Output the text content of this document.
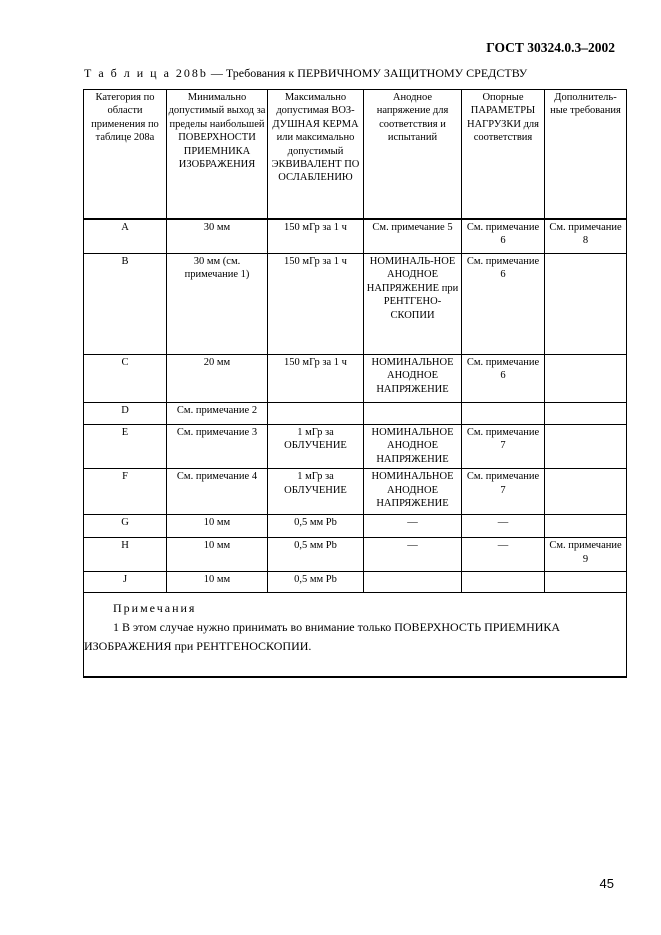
ГОСТ 30324.0.3–2002
Т а б л и ц а 208b — Требования к ПЕРВИЧНОМУ ЗАЩИТНОМУ СРЕДСТВУ
Категория по области применения по таблице 208а	Минимально допустимый выход за пределы наибольшей ПОВЕРХНОСТИ ПРИЕМНИКА ИЗОБРАЖЕНИЯ	Максимально допустимая ВОЗ-ДУШНАЯ КЕРМА или максимально допустимый ЭКВИВАЛЕНТ ПО ОСЛАБЛЕНИЮ	Анодное напряжение для соответствия и испытаний	Опорные ПАРАМЕТРЫ НАГРУЗКИ для соответствия	Дополнитель-ные требования
A	30 мм	150 мГр за 1 ч	См. примечание 5	См. примечание 6	См. примечание 8
B	30 мм (см. примечание 1)	150 мГр за 1 ч	НОМИНАЛЬ-НОЕ АНОДНОЕ НАПРЯЖЕНИЕ при РЕНТГЕНО-СКОПИИ	См. примечание 6	
C	20 мм	150 мГр за 1 ч	НОМИНАЛЬНОЕ АНОДНОЕ НАПРЯЖЕНИЕ	См. примечание 6	
D	См. примечание 2				
E	См. примечание 3	1 мГр за ОБЛУЧЕНИЕ	НОМИНАЛЬНОЕ АНОДНОЕ НАПРЯЖЕНИЕ	См. примечание 7	
F	См. примечание 4	1 мГр за ОБЛУЧЕНИЕ	НОМИНАЛЬНОЕ АНОДНОЕ НАПРЯЖЕНИЕ	См. примечание 7	
G	10 мм	0,5 мм Pb	—	—	
H	10 мм	0,5 мм Pb	—	—	См. примечание 9
J	10 мм	0,5 мм Pb			

Примечания
1 В этом случае нужно принимать во внимание только ПОВЕРХНОСТЬ ПРИЕМНИКА ИЗОБРАЖЕНИЯ при РЕНТГЕНОСКОПИИ.					
45
